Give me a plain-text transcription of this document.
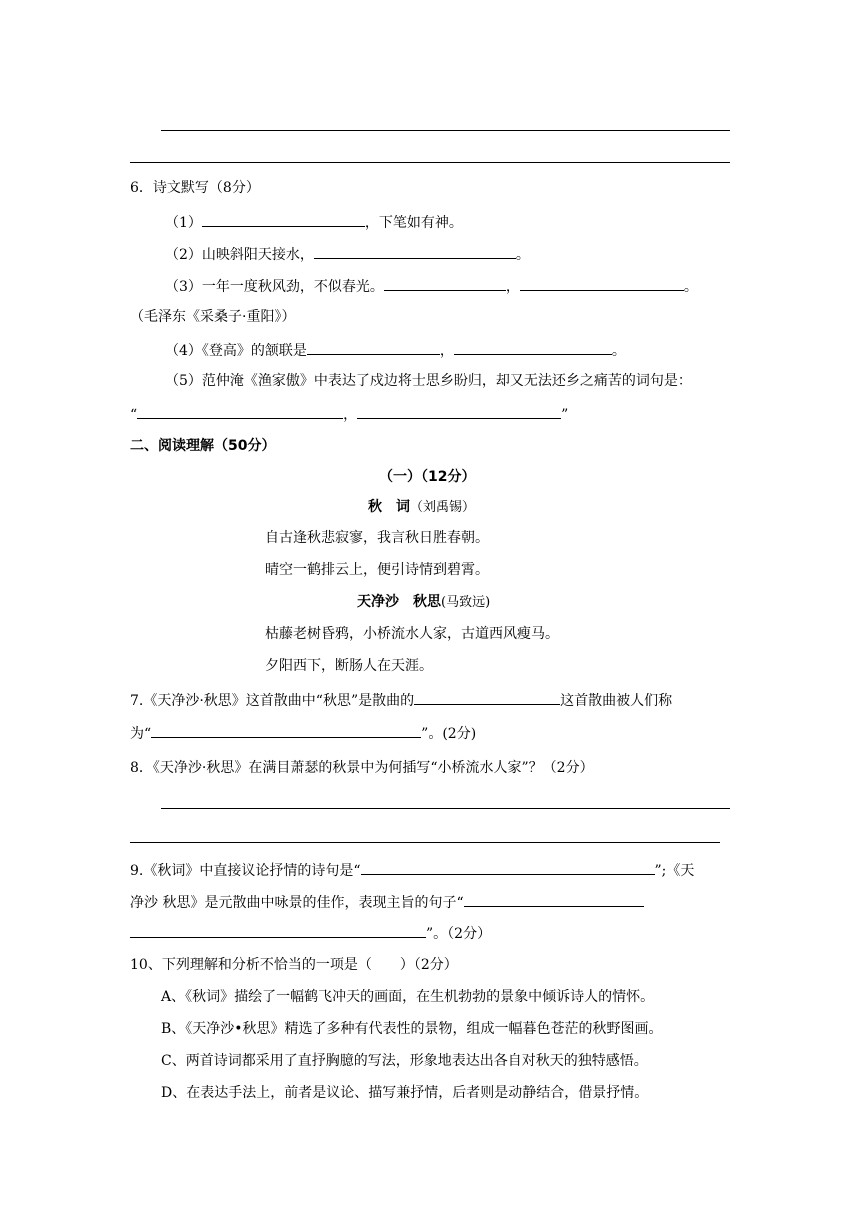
6．诗文默写（8分）
（1）	，下笔如有神。
（2）山映斜阳天接水，	。
（3）一年一度秋风劲，不似春光。	，	。
（毛泽东《采桑子·重阳》）
（4）《登高》的颔联是	，	。
（5）范仲淹《渔家傲》中表达了戍边将士思乡盼归，却又无法还乡之痛苦的词句是：
“	，	”
二、阅读理解（50分）
（一）（12分）
秋　词（刘禹锡）
自古逢秋悲寂寥，我言秋日胜春朝。
晴空一鹤排云上，便引诗情到碧霄。
天净沙　秋思(马致远)
枯藤老树昏鸦，小桥流水人家，古道西风瘦马。
夕阳西下，断肠人在天涯。
7.《天净沙·秋思》这首散曲中“秋思”是散曲的	这首散曲被人们称
为“	”。(2分)
8．《天净沙·秋思》在满目萧瑟的秋景中为何插写“小桥流水人家”？（2分）
9.《秋词》中直接议论抒情的诗句是“	”;《天
净沙 秋思》是元散曲中咏景的佳作，表现主旨的句子“
”。（2分）
10、下列理解和分析不恰当的一项是（　　）（2分）
A、《秋词》描绘了一幅鹤飞冲天的画面，在生机勃勃的景象中倾诉诗人的情怀。
B、《天净沙•秋思》精选了多种有代表性的景物，组成一幅暮色苍茫的秋野图画。
C、两首诗词都采用了直抒胸臆的写法，形象地表达出各自对秋天的独特感悟。
D、在表达手法上，前者是议论、描写兼抒情，后者则是动静结合，借景抒情。
